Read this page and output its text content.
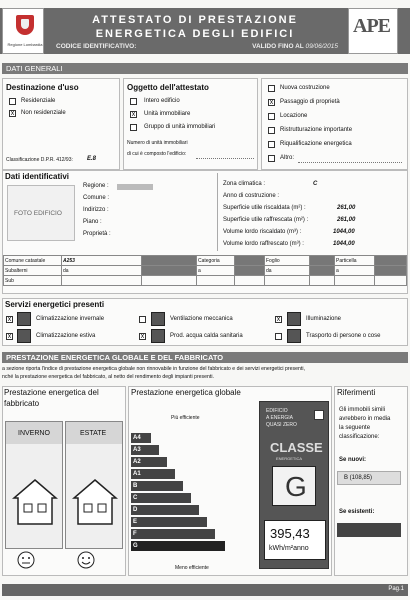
Regione Lombardia
ATTESTATO DI PRESTAZIONE
ENERGETICA DEGLI EDIFICI
CODICE IDENTIFICATIVO:	VALIDO FINO AL 09/06/2015
APE
DATI GENERALI
Destinazione d'uso
Residenziale
x Non residenziale
Classificazione D.P.R. 412/93: E.8
Oggetto dell'attestato
Intero edificio
x Unità immobiliare
Gruppo di unità immobiliari
Numero di unità immobiliari
di cui è composto l'edificio:
Nuova costruzione
x Passaggio di proprietà
Locazione
Ristrutturazione importante
Riqualificazione energetica
Altro:
Dati identificativi
FOTO EDIFICIO
Regione :
Comune :
Indirizzo :
Piano :
Proprietà :
Zona climatica :	C
Anno di costruzione :
Superficie utile riscaldata (m²) :	261,00
Superficie utile raffrescata (m²) :	261,00
Volume lordo riscaldato (m³) :	1044,00
Volume lordo raffrescato (m³) :	1044,00
Comune catastale	A253		Categoria		Foglio		Particella	
Subalterni	da		a		da		a	
Sub								
Servizi energetici presenti
x	Climatizzazione invernale	Ventilazione meccanica	x	Illuminazione
x	Climatizzazione estiva	x	Prod. acqua calda sanitaria	Trasporto di persone o cose
PRESTAZIONE ENERGETICA GLOBALE E DEL FABBRICATO
a sezione riporta l'indice di prestazione energetica globale non rinnovabile in funzione del fabbricato e dei servizi energetici presenti,
nché la prestazione energetica del fabbricato, al netto del rendimento degli impianti presenti.
Prestazione energetica del
fabbricato
INVERNO	ESTATE
Prestazione energetica globale
Più efficiente
A4
A3
A2
A1
B
C
D
E
F
G
Meno efficiente
EDIFICIO
A ENERGIA
QUASI ZERO
CLASSE
ENERGETICA
G
395,43
kWh/m²anno
Riferimenti
Gli immobili simili
avrebbero in media
la seguente
classificazione:
Se nuovi:
B (108,85)
Se esistenti:
Pag.1
